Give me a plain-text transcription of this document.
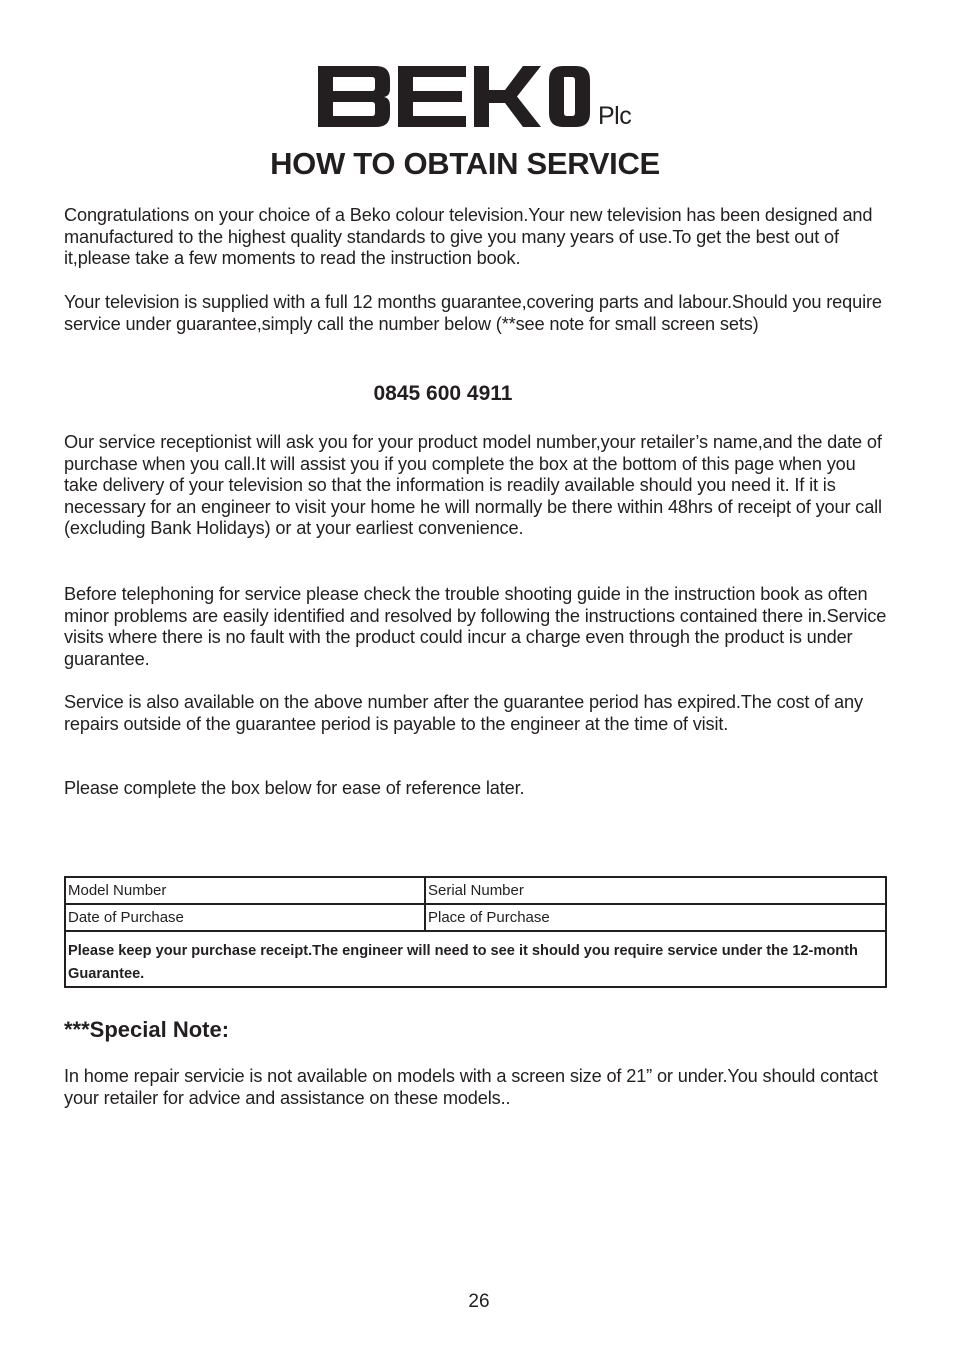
Plc
HOW TO OBTAIN SERVICE

Congratulations on your choice of a Beko colour television.Your new television has been designed and manufactured to the highest quality standards to give you many years of use.To get the best out of it,please take a few moments to read the instruction book.

Your television is supplied with a full 12 months guarantee,covering parts and labour.Should you require service under guarantee,simply call the number below (**see note for small screen sets)

0845 600 4911

Our service receptionist will ask you for your product model number,your retailer’s name,and the date of purchase when you call.It will assist you if you complete the box at the bottom of this page when you take delivery of your television so that the information is readily available should you need it. If it is necessary for an engineer to visit your home he will normally be there within 48hrs of receipt of your call (excluding Bank Holidays) or at your earliest convenience.

Before telephoning for service please check the trouble shooting guide in the instruction book as often minor problems are easily identified and resolved by following the instructions contained there in.Service visits where there is no fault with the product could incur a charge even through the product is under guarantee.

Service is also available on the above number after the guarantee period has expired.The cost of any repairs outside of the guarantee period is payable to the engineer at the time of visit.

Please complete the box below for ease of reference later.

Model Number	Serial Number
Date of Purchase	Place of Purchase
Please keep your purchase receipt.The engineer will need to see it should you require service under the 12-month Guarantee.	
***Special Note:

In home repair servicie is not available on models with a screen size of 21” or under.You should contact your retailer for advice and assistance on these models..

26
